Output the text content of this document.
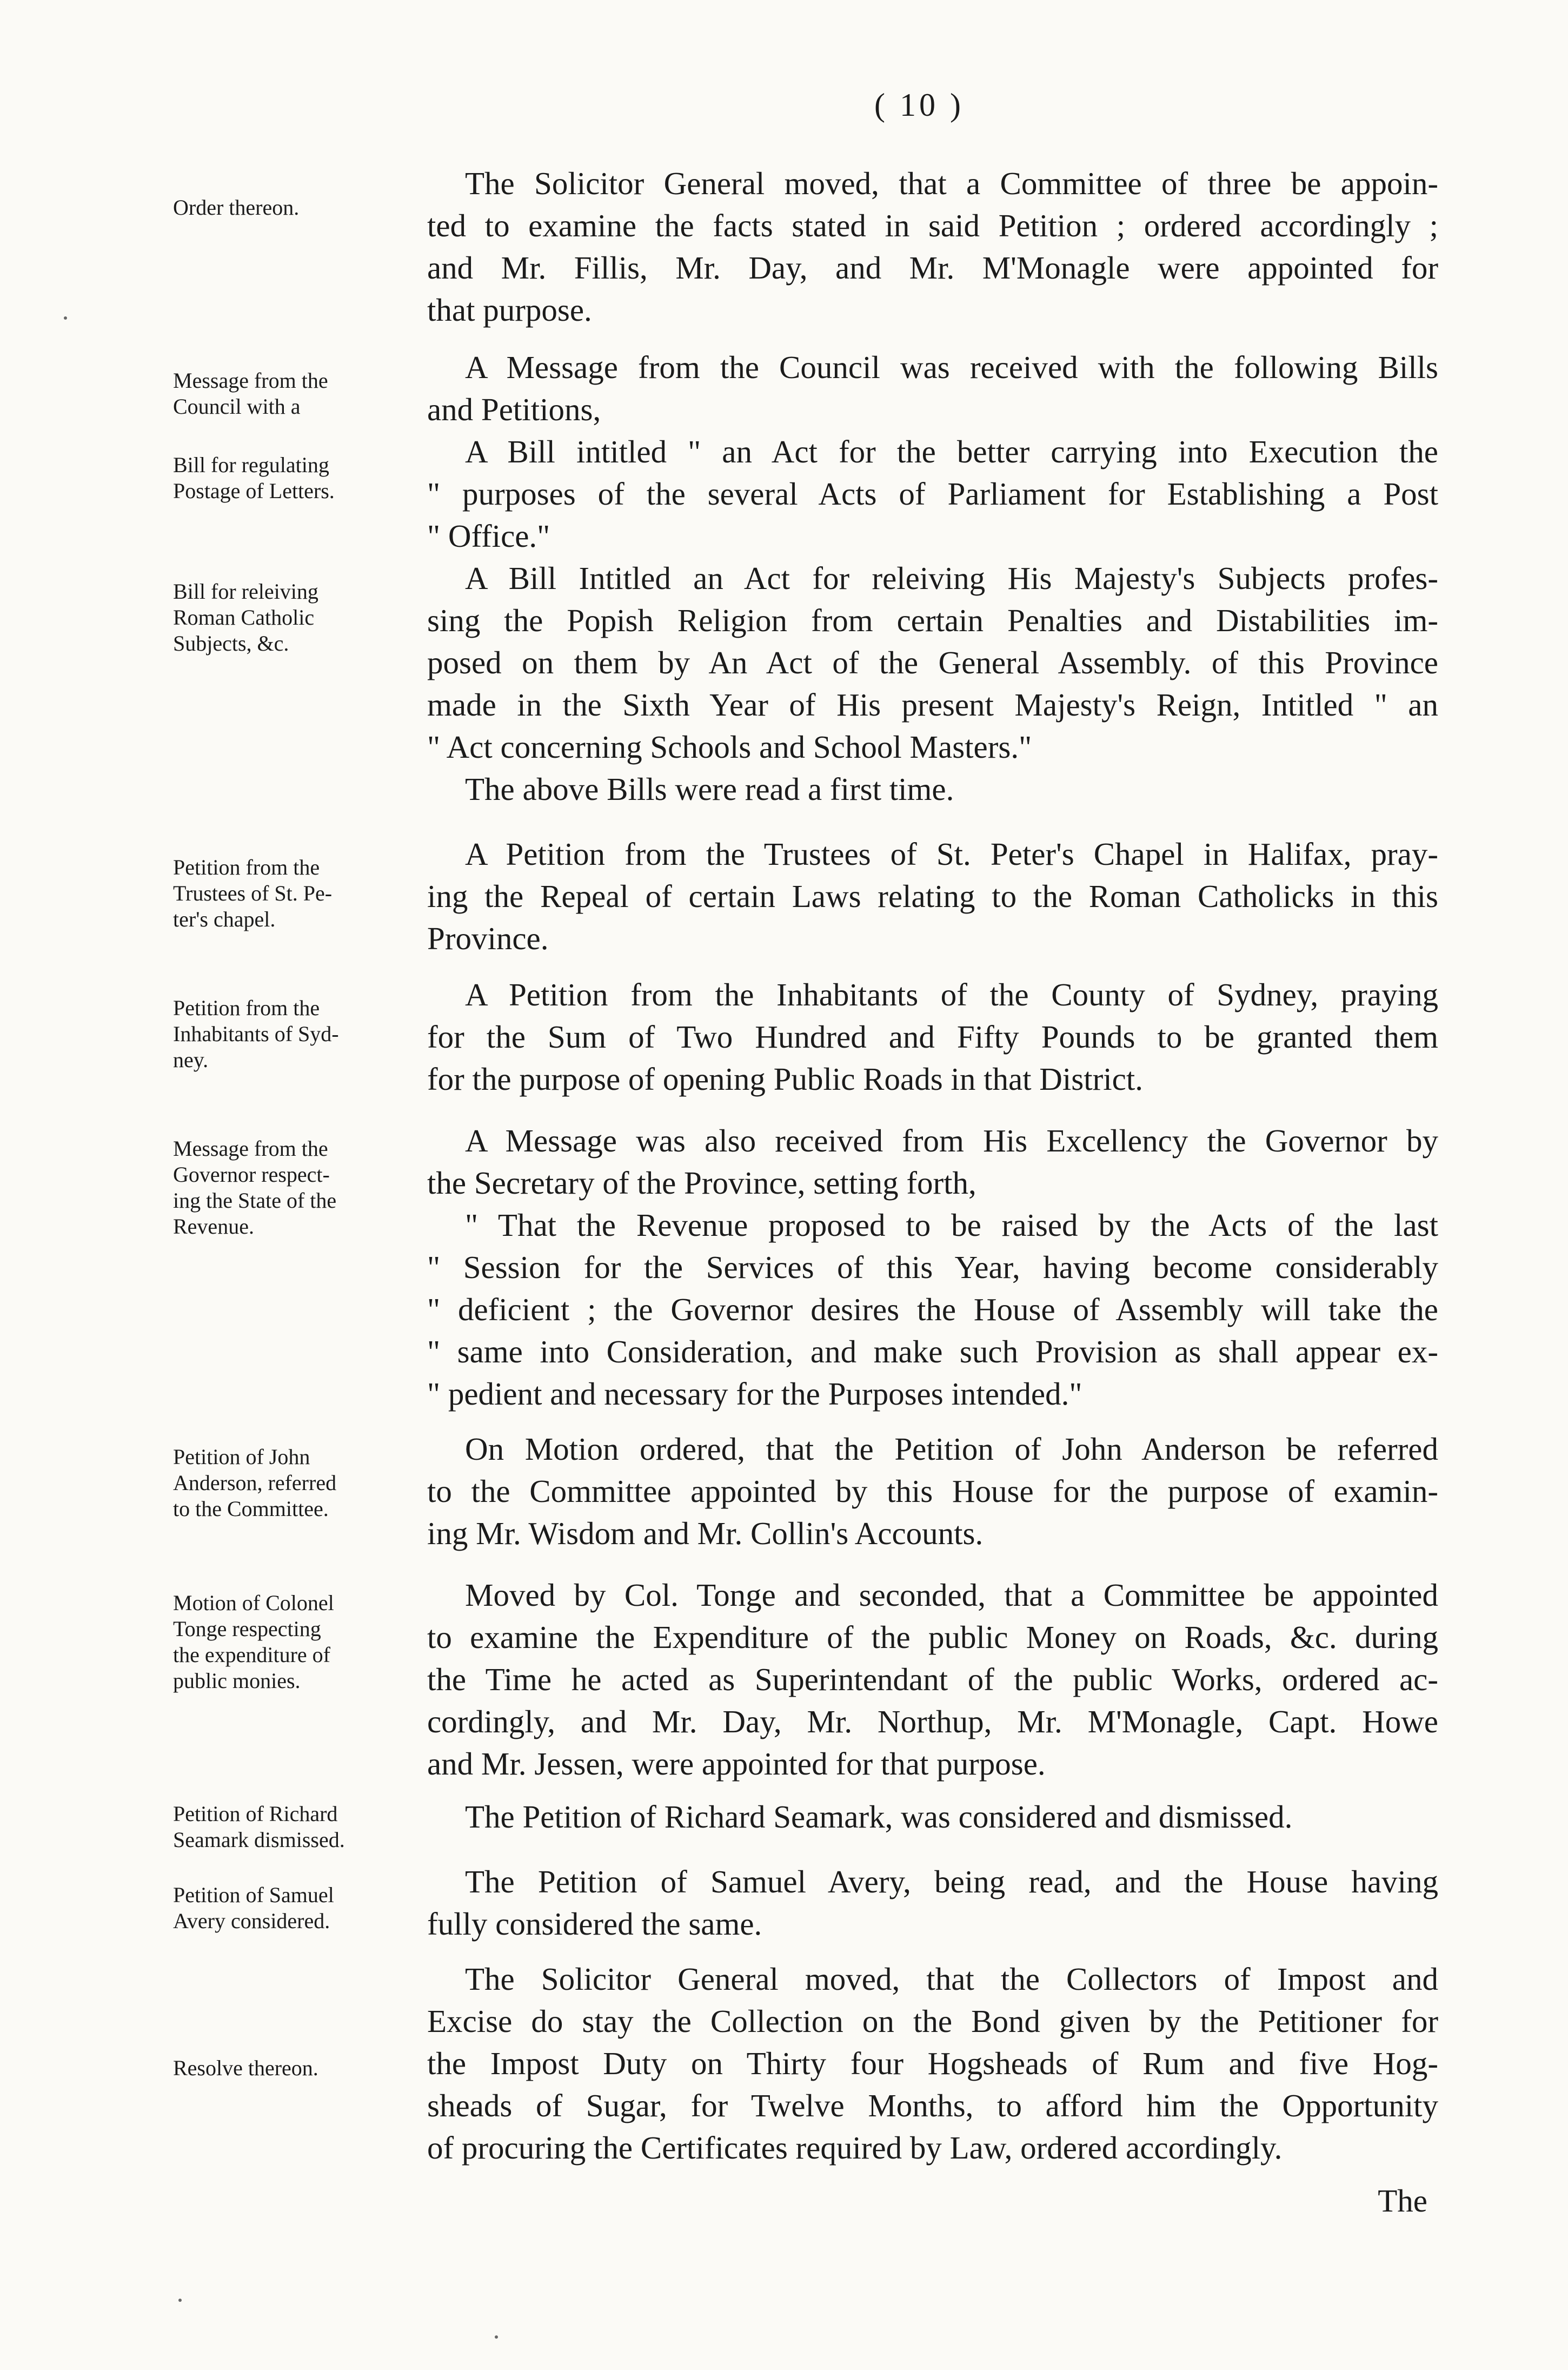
( 10 )
Order thereon.
The Solicitor General moved, that a Committee of three be appoin-
ted to examine the facts stated in said Petition ; ordered accordingly ;
and Mr. Fillis, Mr. Day, and Mr. M'Monagle were appointed for
that purpose.
Message from the
Council with a
A Message from the Council was received with the following Bills
and Petitions,
Bill for regulating
Postage of Letters.
A Bill intitled " an Act for the better carrying into Execution the
" purposes of the several Acts of Parliament for Establishing a Post
" Office."
Bill for releiving
Roman Catholic
Subjects, &c.
A Bill Intitled an Act for releiving His Majesty's Subjects profes-
sing the Popish Religion from certain Penalties and Distabilities im-
posed on them by An Act of the General Assembly. of this Province
made in the Sixth Year of His present Majesty's Reign, Intitled " an
" Act concerning Schools and School Masters."
The above Bills were read a first time.
Petition from the
Trustees of St. Pe-
ter's chapel.
A Petition from the Trustees of St. Peter's Chapel in Halifax, pray-
ing the Repeal of certain Laws relating to the Roman Catholicks in this
Province.
Petition from the
Inhabitants of Syd-
ney.
A Petition from the Inhabitants of the County of Sydney, praying
for the Sum of Two Hundred and Fifty Pounds to be granted them
for the purpose of opening Public Roads in that District.
Message from the
Governor respect-
ing the State of the
Revenue.
A Message was also received from His Excellency the Governor by
the Secretary of the Province, setting forth,
" That the Revenue proposed to be raised by the Acts of the last
" Session for the Services of this Year, having become considerably
" deficient ; the Governor desires the House of Assembly will take the
" same into Consideration, and make such Provision as shall appear ex-
" pedient and necessary for the Purposes intended."
Petition of John
Anderson, referred
to the Committee.
On Motion ordered, that the Petition of John Anderson be referred
to the Committee appointed by this House for the purpose of examin-
ing Mr. Wisdom and Mr. Collin's Accounts.
Motion of Colonel
Tonge respecting
the expenditure of
public monies.
Moved by Col. Tonge and seconded, that a Committee be appointed
to examine the Expenditure of the public Money on Roads, &c. during
the Time he acted as Superintendant of the public Works, ordered ac-
cordingly, and Mr. Day, Mr. Northup, Mr. M'Monagle, Capt. Howe
and Mr. Jessen, were appointed for that purpose.
Petition of Richard
Seamark dismissed.
The Petition of Richard Seamark, was considered and dismissed.
Petition of Samuel
Avery considered.
The Petition of Samuel Avery, being read, and the House having
fully considered the same.
Resolve thereon.
The Solicitor General moved, that the Collectors of Impost and
Excise do stay the Collection on the Bond given by the Petitioner for
the Impost Duty on Thirty four Hogsheads of Rum and five Hog-
sheads of Sugar, for Twelve Months, to afford him the Opportunity
of procuring the Certificates required by Law, ordered accordingly.
The
